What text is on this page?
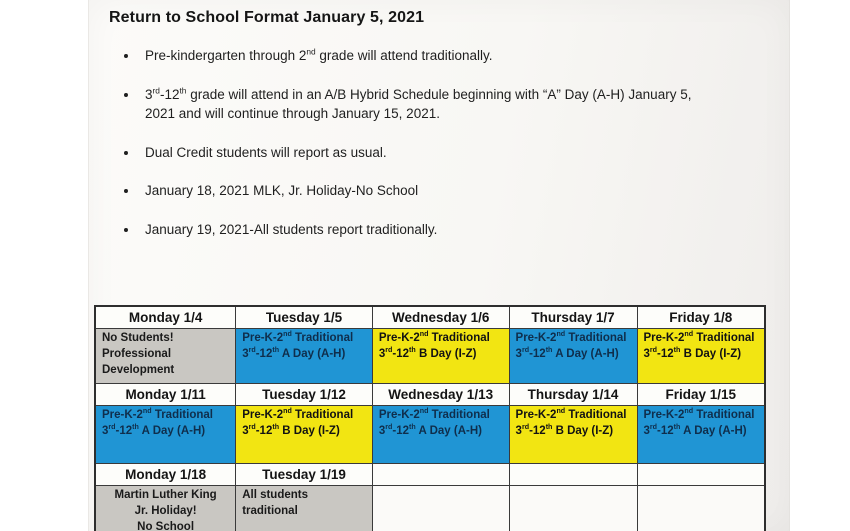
Return to School Format January 5, 2021
• Pre-kindergarten through 2nd grade will attend traditionally.
• 3rd-12th grade will attend in an A/B Hybrid Schedule beginning with “A” Day (A-H) January 5, 2021 and will continue through January 15, 2021.
• Dual Credit students will report as usual.
• January 18, 2021 MLK, Jr. Holiday-No School
• January 19, 2021-All students report traditionally.
Monday 1/4	Tuesday 1/5	Wednesday 1/6	Thursday 1/7	Friday 1/8

No Students!
Professional
Development

Pre-K-2nd Traditional
3rd-12th A Day (A-H)

Pre-K-2nd Traditional
3rd-12th B Day (I-Z)

Pre-K-2nd Traditional
3rd-12th A Day (A-H)

Pre-K-2nd Traditional
3rd-12th B Day (I-Z)

Monday 1/11	Tuesday 1/12	Wednesday 1/13	Thursday 1/14	Friday 1/15

Pre-K-2nd Traditional
3rd-12th A Day (A-H)

Pre-K-2nd Traditional
3rd-12th B Day (I-Z)

Pre-K-2nd Traditional
3rd-12th A Day (A-H)

Pre-K-2nd Traditional
3rd-12th B Day (I-Z)

Pre-K-2nd Traditional
3rd-12th A Day (A-H)

Monday 1/18	Tuesday 1/19			

Martin Luther King
Jr. Holiday!
No School

All students
traditional
